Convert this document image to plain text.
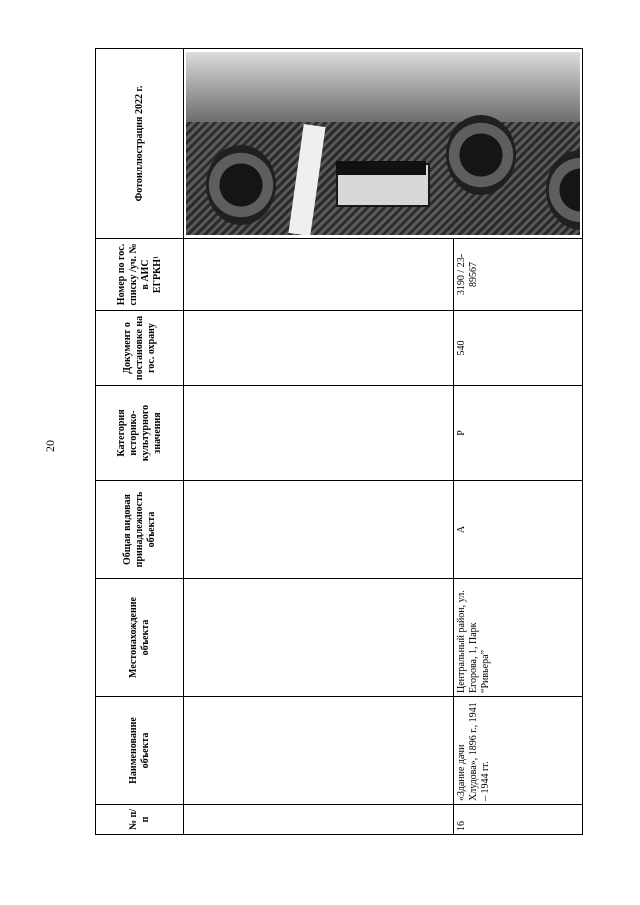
20
№ п/п	Наименование объекта	Местонахождение объекта	Общая видовая принадлежность объекта	Категория историко-культурного значения	Документ о постановке на гос. охрану	Номер по гос. списку /уч. № в АИС ЕГРКН¹	Фотоиллюстрация 2022 г.

16	«Здание дачи Хлудова», 1896 г., 1941 – 1944 гг.	Центральный район, ул. Егорова, 1, Парк “Ривьера”	А	Р	540	3190 / 23-89567	
